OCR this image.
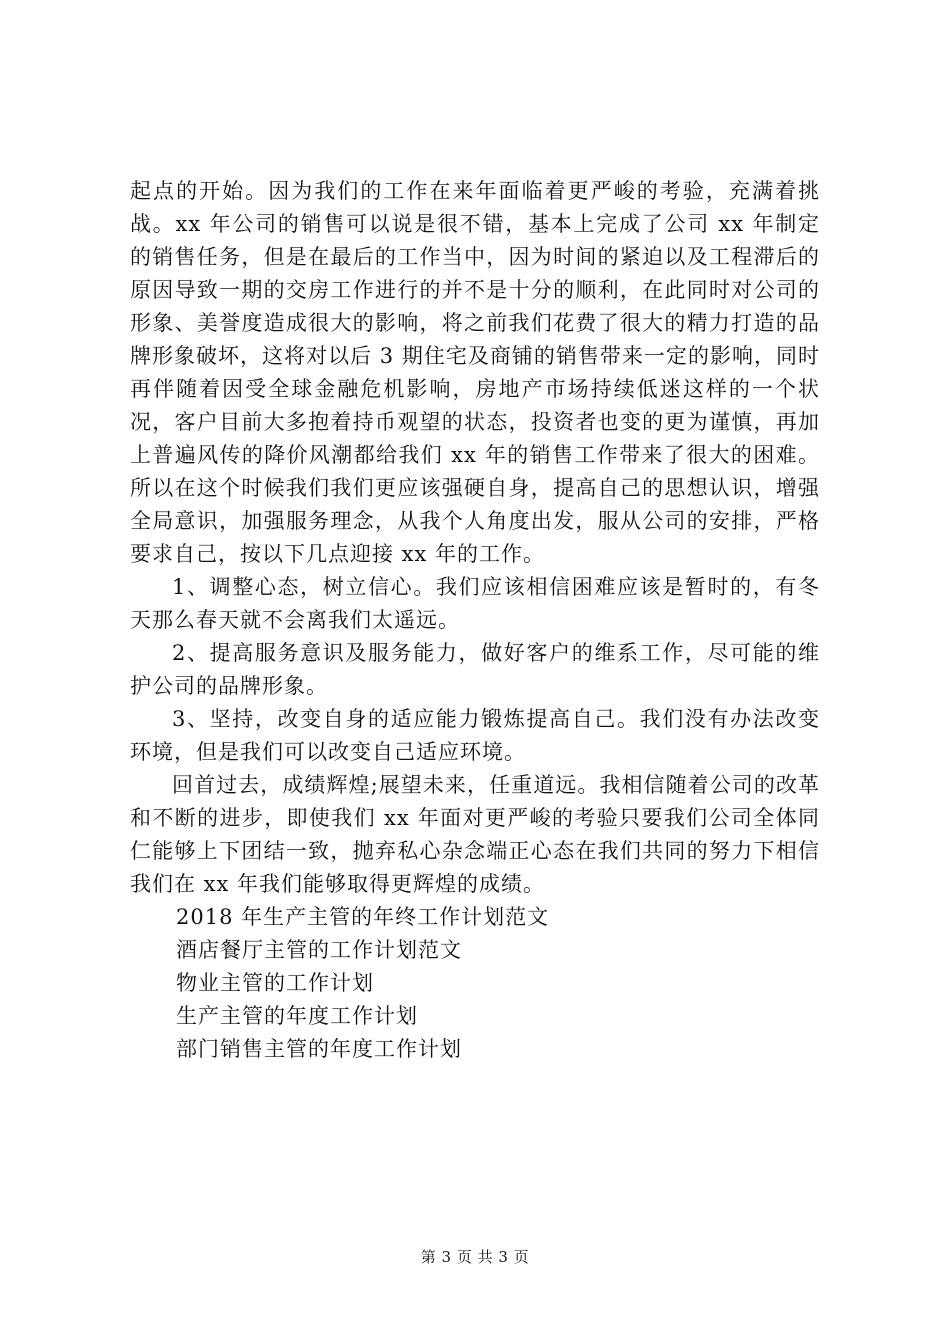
起点的开始。因为我们的工作在来年面临着更严峻的考验，充满着挑战。xx 年公司的销售可以说是很不错，基本上完成了公司 xx 年制定的销售任务，但是在最后的工作当中，因为时间的紧迫以及工程滞后的原因导致一期的交房工作进行的并不是十分的顺利，在此同时对公司的形象、美誉度造成很大的影响，将之前我们花费了很大的精力打造的品牌形象破坏，这将对以后 3 期住宅及商铺的销售带来一定的影响，同时再伴随着因受全球金融危机影响，房地产市场持续低迷这样的一个状况，客户目前大多抱着持币观望的状态，投资者也变的更为谨慎，再加上普遍风传的降价风潮都给我们 xx 年的销售工作带来了很大的困难。所以在这个时候我们我们更应该强硬自身，提高自己的思想认识，增强全局意识，加强服务理念，从我个人角度出发，服从公司的安排，严格要求自己，按以下几点迎接 xx 年的工作。

1、调整心态，树立信心。我们应该相信困难应该是暂时的，有冬天那么春天就不会离我们太遥远。

2、提高服务意识及服务能力，做好客户的维系工作，尽可能的维护公司的品牌形象。

3、坚持，改变自身的适应能力锻炼提高自己。我们没有办法改变环境，但是我们可以改变自己适应环境。

回首过去，成绩辉煌;展望未来，任重道远。我相信随着公司的改革和不断的进步，即使我们 xx 年面对更严峻的考验只要我们公司全体同仁能够上下团结一致，抛弃私心杂念端正心态在我们共同的努力下相信我们在 xx 年我们能够取得更辉煌的成绩。

2018 年生产主管的年终工作计划范文
酒店餐厅主管的工作计划范文
物业主管的工作计划
生产主管的年度工作计划
部门销售主管的年度工作计划
第 3 页 共 3 页
